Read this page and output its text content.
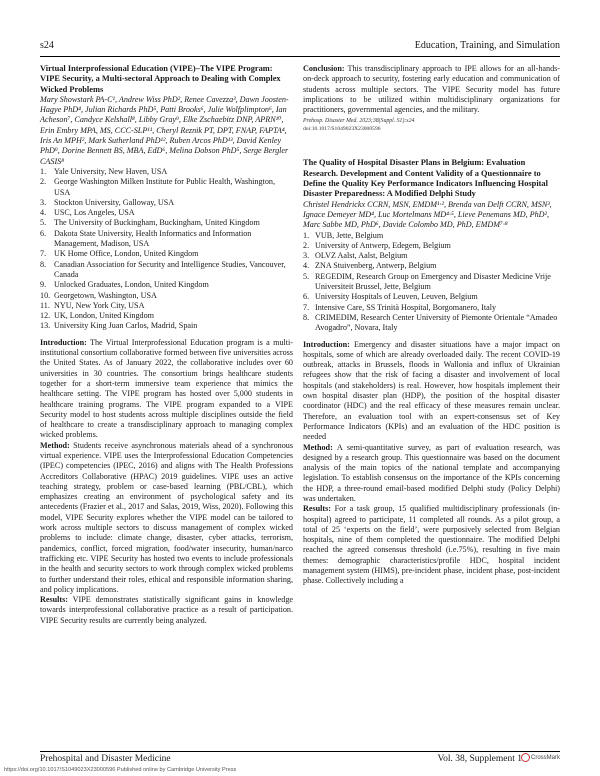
s24	Education, Training, and Simulation

Virtual Interprofessional Education (VIPE)–The VIPE Program: VIPE Security, a Multi-sectoral Approach to Dealing with Complex Wicked Problems

Mary Showstark PA-C¹, Andrew Wiss PhD², Renee Cavezza³, Dawn Joosten-Hagye PhD⁴, Julian Richards PhD⁵, Patti Brooks⁶, Julie Wolfplimpton⁶, Ian Acheson⁷, Candyce Kelshall⁸, Libby Gray⁹, Elke Zschaebitz DNP, APRN¹⁰, Erin Embry MPA, MS, CCC-SLP¹¹, Cheryl Reznik PT, DPT, FNAP, FAPTA⁴, Iris An MPH², Mark Sutherland PhD¹², Ruben Arcos PhD¹³, David Kenley PhD⁹, Dorine Bennett BS, MBA, EdD⁶, Melina Dobson PhD⁵, Serge Bergler CASIS⁸

1. Yale University, New Haven, USA
2. George Washington Milken Institute for Public Health, Washington, USA
3. Stockton University, Galloway, USA
4. USC, Los Angeles, USA
5. The University of Buckingham, Buckingham, United Kingdom
6. Dakota State University, Health Informatics and Information Management, Madison, USA
7. UK Home Office, London, United Kingdom
8. Canadian Association for Security and Intelligence Studies, Vancouver, Canada
9. Unlocked Graduates, London, United Kingdom
10. Georgetown, Washington, USA
11. NYU, New York City, USA
12. UK, London, United Kingdom
13. University King Juan Carlos, Madrid, Spain

Introduction: The Virtual Interprofessional Education program is a multi-institutional consortium collaborative formed between five universities across the United States. As of January 2022, the collaborative includes over 60 universities in 30 countries. The consortium brings healthcare students together for a short-term immersive team experience that mimics the healthcare setting. The VIPE program has hosted over 5,000 students in healthcare training programs. The VIPE program expanded to a VIPE Security model to host students across multiple disciplines outside the field of healthcare to create a transdisciplinary approach to managing complex wicked problems.

Method: Students receive asynchronous materials ahead of a synchronous virtual experience. VIPE uses the Interprofessional Education Competencies (IPEC) competencies (IPEC, 2016) and aligns with The Health Professions Accreditors Collaborative (HPAC) 2019 guidelines. VIPE uses an active teaching strategy, problem or case-based learning (PBL/CBL), which emphasizes creating an environment of psychological safety and its antecedents (Frazier et al., 2017 and Salas, 2019, Wiss, 2020). Following this model, VIPE Security explores whether the VIPE model can be tailored to work across multiple sectors to discuss management of complex wicked problems to include: climate change, disaster, cyber attacks, terrorism, pandemics, conflict, forced migration, food/water insecurity, human/narco trafficking etc. VIPE Security has hosted two events to include professionals in the health and security sectors to work through complex wicked problems to further understand their roles, ethical and responsible information sharing, and policy implications.

Results: VIPE demonstrates statistically significant gains in knowledge towards interprofessional collaborative practice as a result of participation. VIPE Security results are currently being analyzed.

Conclusion: This transdisciplinary approach to IPE allows for an all-hands-on-deck approach to security, fostering early education and communication of students across multiple sectors. The VIPE Security model has future implications to be utilized within multidisciplinary organizations for practitioners, governmental agencies, and the military.

Prehosp. Disaster Med. 2023;38(Suppl. S1):s24

doi:10.1017/S1049023X23000596

The Quality of Hospital Disaster Plans in Belgium: Evaluation Research. Development and Content Validity of a Questionnaire to Define the Quality Key Performance Indicators Influencing Hospital Disaster Preparedness: A Modified Delphi Study

Christel Hendrickx CCRN, MSN, EMDM¹·², Brenda van Delft CCRN, MSN³, Ignace Demeyer MD⁴, Luc Mortelmans MD⁴·⁵, Lieve Penemans MD, PhD², Marc Sabbe MD, PhD⁶, Davide Colombo MD, PhD, EMDM⁷·⁸

1. VUB, Jette, Belgium
2. University of Antwerp, Edegem, Belgium
3. OLVZ Aalst, Aalst, Belgium
4. ZNA Stuivenberg, Antwerp, Belgium
5. REGEDIM, Research Group on Emergency and Disaster Medicine Vrije Universiteit Brussel, Jette, Belgium
6. University Hospitals of Leuven, Leuven, Belgium
7. Intensive Care, SS Trinità Hospital, Borgomanero, Italy
8. CRIMEDIM, Research Center University of Piemonte Orientale “Amadeo Avogadro”, Novara, Italy

Introduction: Emergency and disaster situations have a major impact on hospitals, some of which are already overloaded daily. The recent COVID-19 outbreak, attacks in Brussels, floods in Wallonia and influx of Ukrainian refugees show that the risk of facing a disaster and involvement of local hospitals (and stakeholders) is real. However, how hospitals implement their own hospital disaster plan (HDP), the position of the hospital disaster coordinator (HDC) and the real efficacy of these measures remain unclear. Therefore, an evaluation tool with an expert-consensus set of Key Performance Indicators (KPIs) and an evaluation of the HDC position is needed

Method: A semi-quantitative survey, as part of evaluation research, was designed by a research group. This questionnaire was based on the document analysis of the main topics of the national template and accompanying legislation. To establish consensus on the importance of the KPIs concerning the HDP, a three-round email-based modified Delphi study (Policy Delphi) was undertaken.

Results: For a task group, 15 qualified multidisciplinary professionals (in-hospital) agreed to participate, 11 completed all rounds. As a pilot group, a total of 25 ‘experts on the field’, were purposively selected from Belgian hospitals, nine of them completed the questionnaire. The modified Delphi reached the agreed consensus threshold (i.e.75%), resulting in five main themes: demographic characteristics/profile HDC, hospital incident management system (HIMS), pre-incident phase, incident phase, post-incident phase. Collectively including a

Prehospital and Disaster Medicine	Vol. 38, Supplement 1	CrossMark
https://doi.org/10.1017/S1049023X23000596 Published online by Cambridge University Press
